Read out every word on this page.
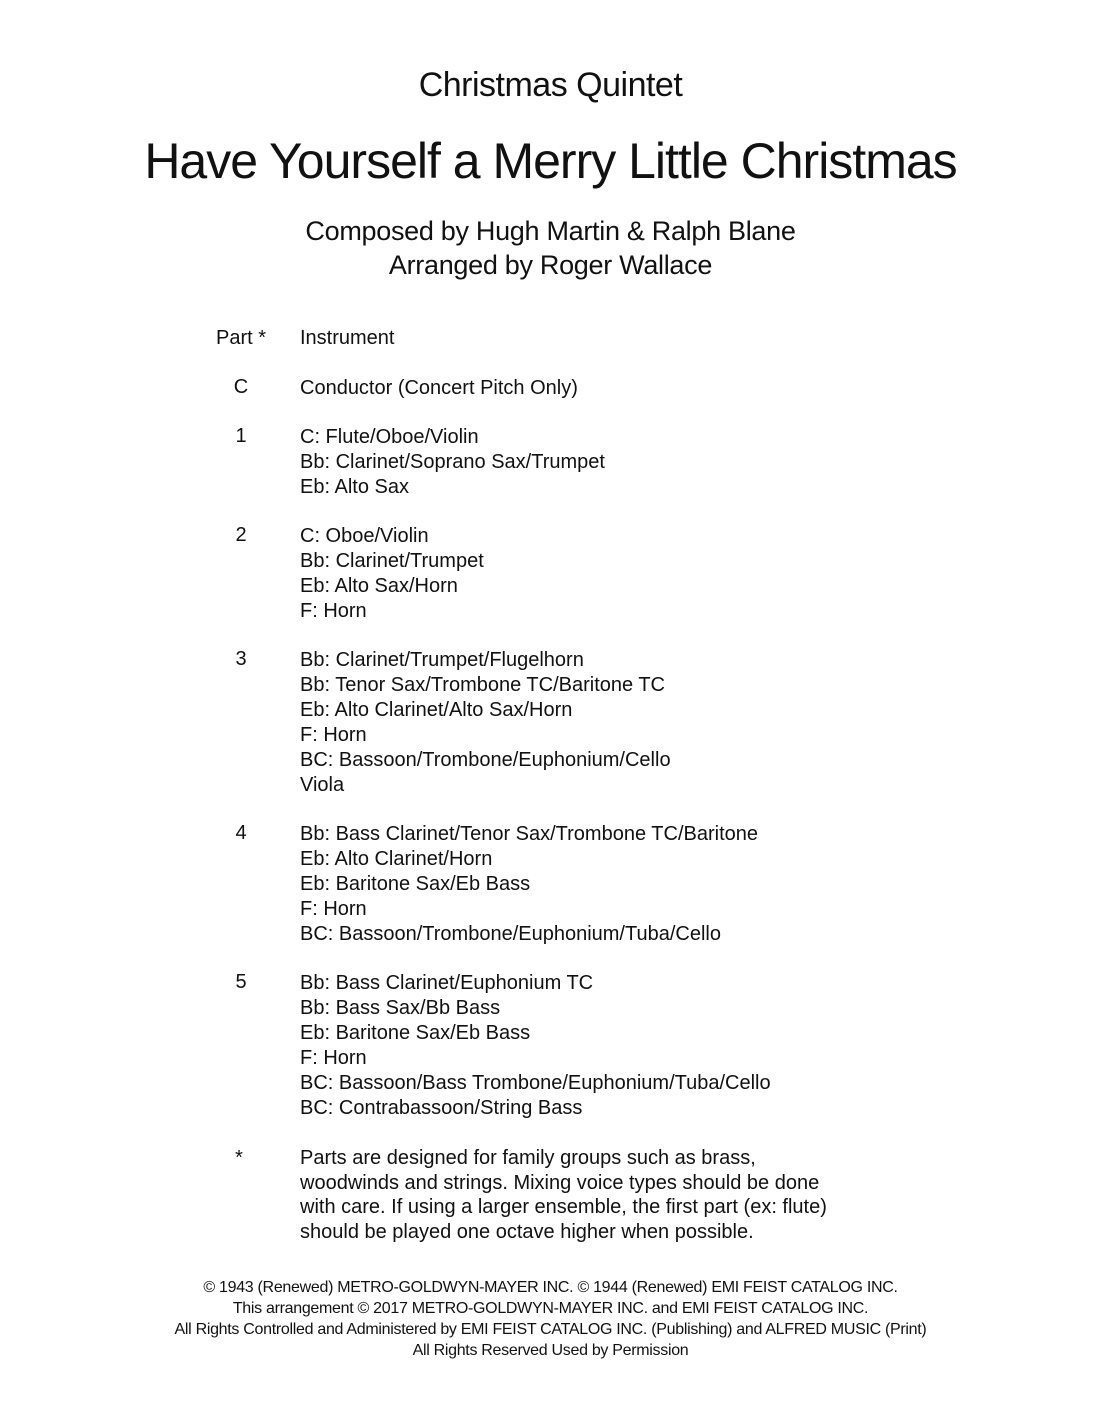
Christmas Quintet
Have Yourself a Merry Little Christmas
Composed by Hugh Martin & Ralph Blane
Arranged by Roger Wallace
Part * Instrument
C	Conductor (Concert Pitch Only)
1	C: Flute/Oboe/Violin
Bb: Clarinet/Soprano Sax/Trumpet
Eb: Alto Sax
2	C: Oboe/Violin
Bb: Clarinet/Trumpet
Eb: Alto Sax/Horn
F: Horn
3	Bb: Clarinet/Trumpet/Flugelhorn
Bb: Tenor Sax/Trombone TC/Baritone TC
Eb: Alto Clarinet/Alto Sax/Horn
F: Horn
BC: Bassoon/Trombone/Euphonium/Cello
Viola
4	Bb: Bass Clarinet/Tenor Sax/Trombone TC/Baritone
Eb: Alto Clarinet/Horn
Eb: Baritone Sax/Eb Bass
F: Horn
BC: Bassoon/Trombone/Euphonium/Tuba/Cello
5	Bb: Bass Clarinet/Euphonium TC
Bb: Bass Sax/Bb Bass
Eb: Baritone Sax/Eb Bass
F: Horn
BC: Bassoon/Bass Trombone/Euphonium/Tuba/Cello
BC: Contrabassoon/String Bass
*	Parts are designed for family groups such as brass, woodwinds and strings. Mixing voice types should be done with care. If using a larger ensemble, the first part (ex: flute) should be played one octave higher when possible.
© 1943 (Renewed) METRO-GOLDWYN-MAYER INC. © 1944 (Renewed) EMI FEIST CATALOG INC.
This arrangement © 2017 METRO-GOLDWYN-MAYER INC. and EMI FEIST CATALOG INC.
All Rights Controlled and Administered by EMI FEIST CATALOG INC. (Publishing) and ALFRED MUSIC (Print)
All Rights Reserved Used by Permission
